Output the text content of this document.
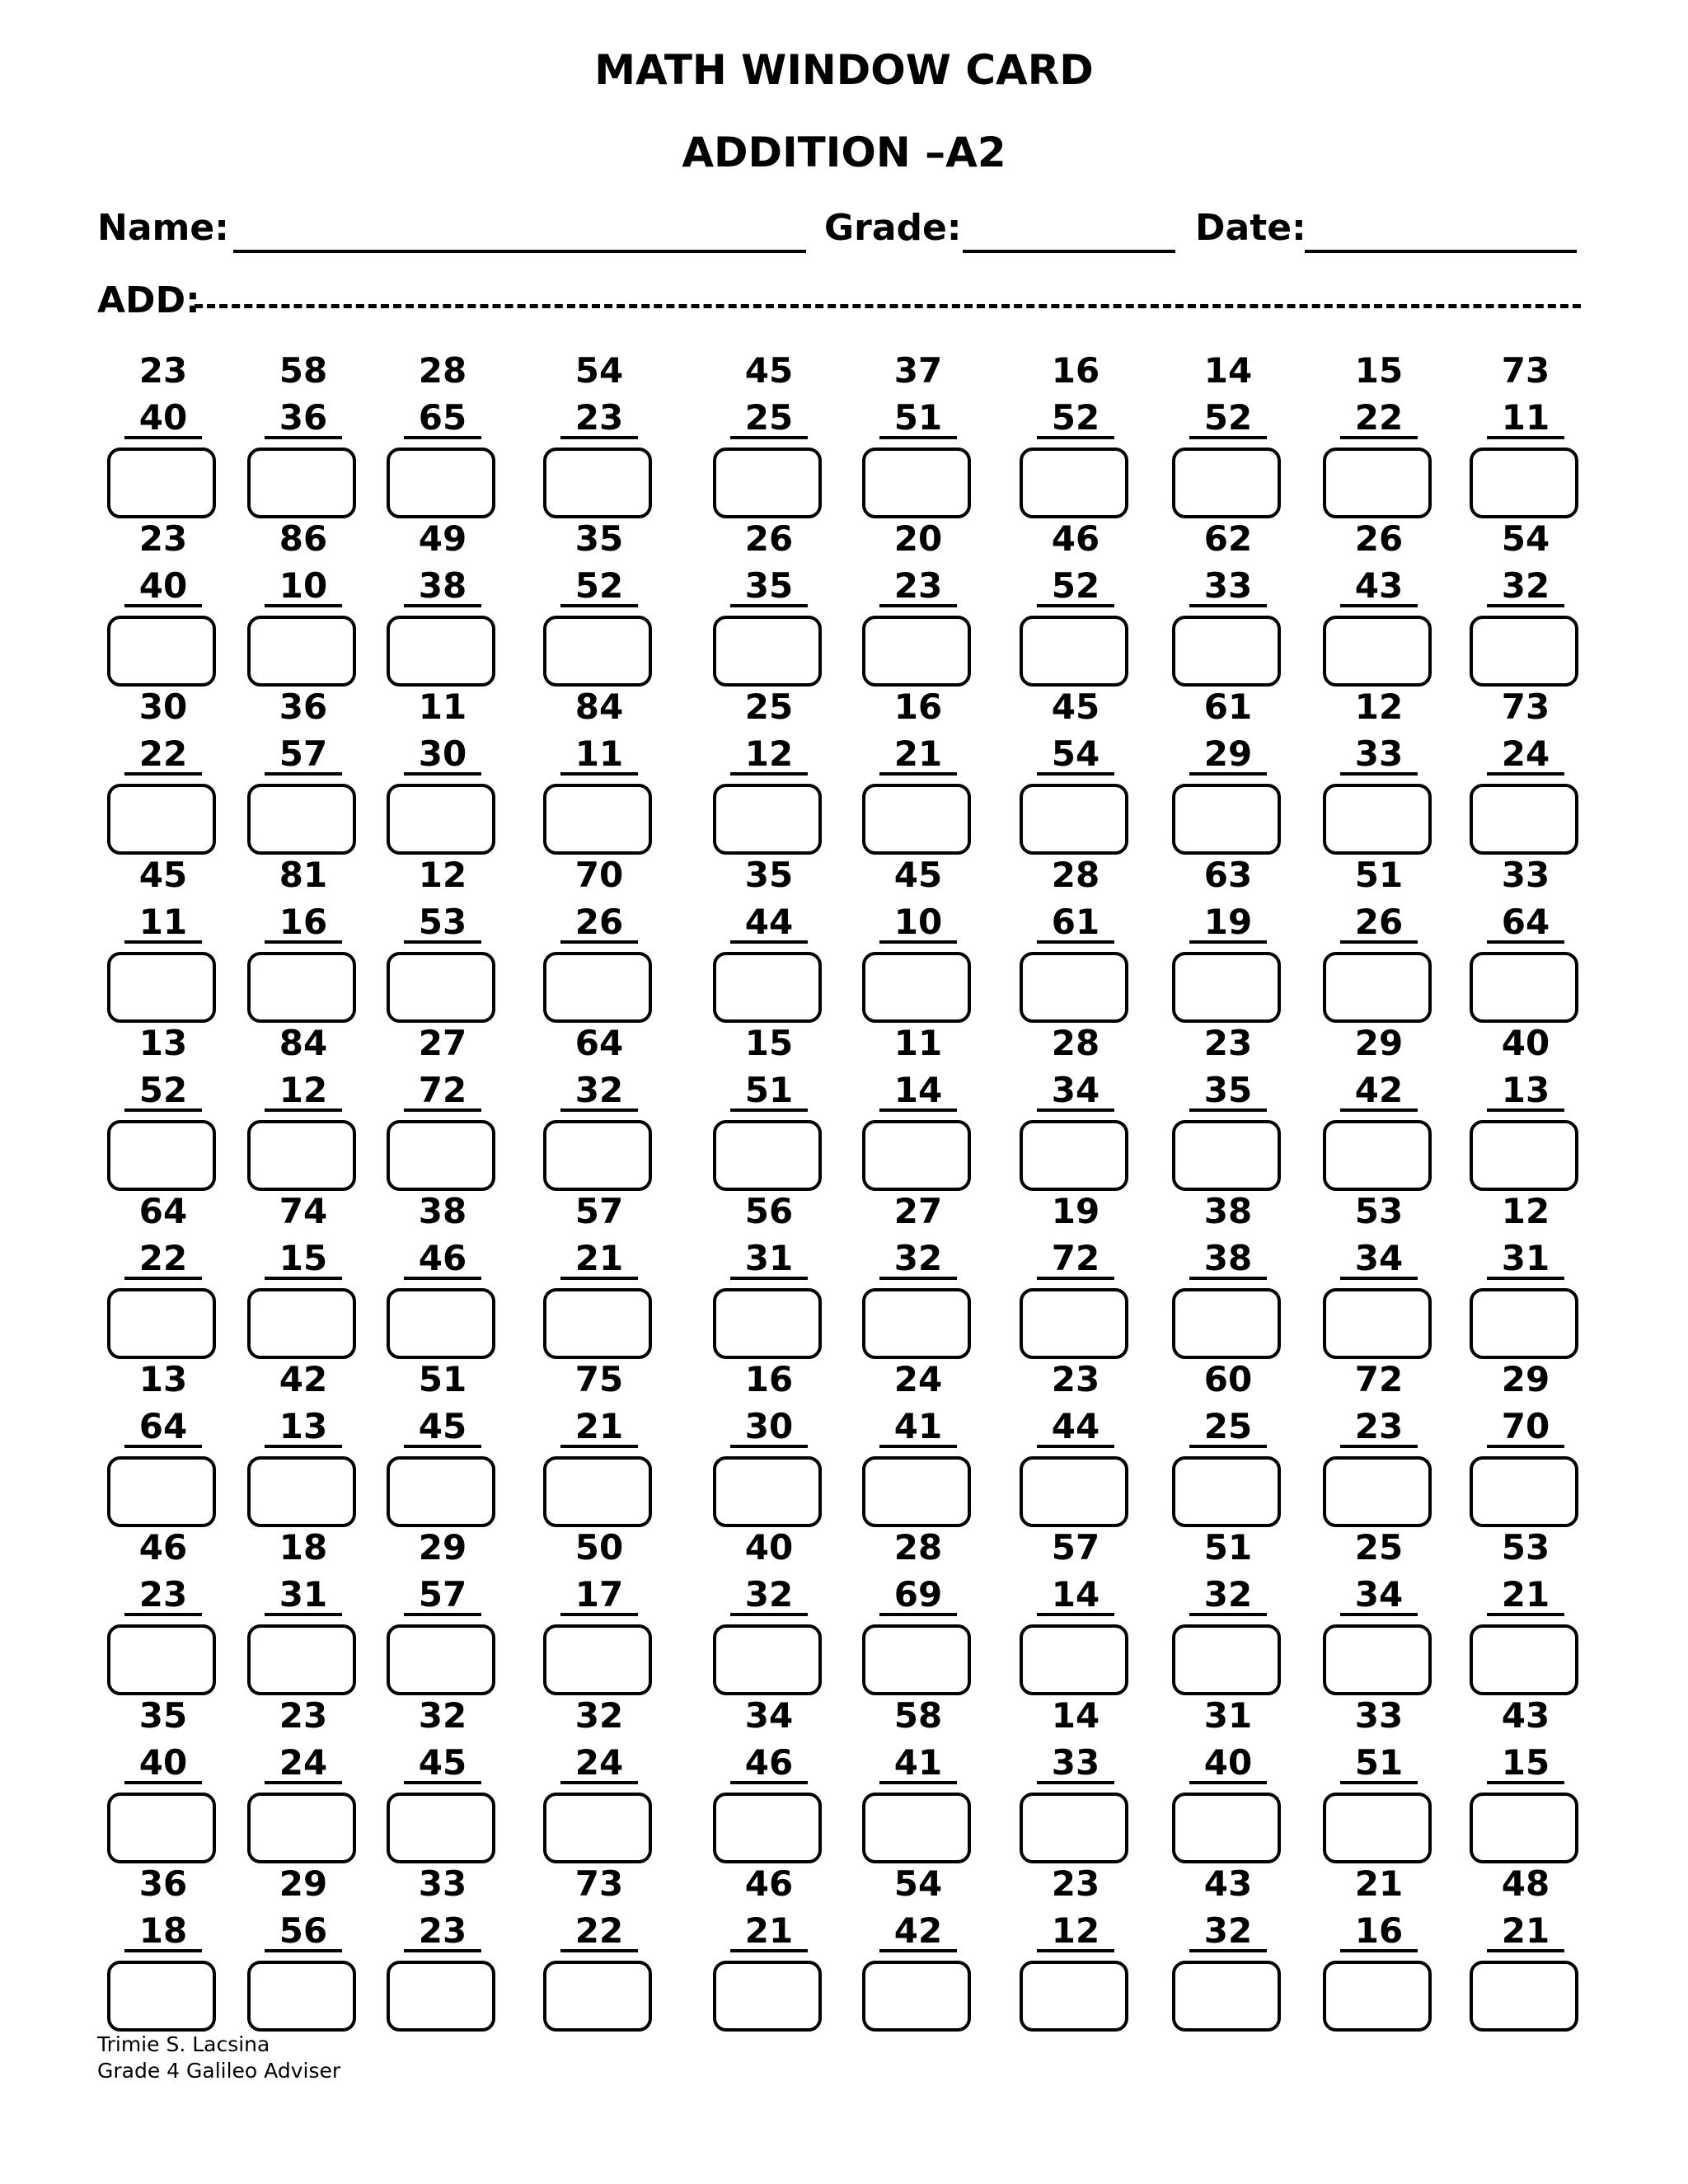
MATH WINDOW CARD
ADDITION –A2
Name:	Grade:	Date:
ADD:
23
40
58
36
28
65
54
23
45
25
37
51
16
52
14
52
15
22
73
11
23
40
86
10
49
38
35
52
26
35
20
23
46
52
62
33
26
43
54
32
30
22
36
57
11
30
84
11
25
12
16
21
45
54
61
29
12
33
73
24
45
11
81
16
12
53
70
26
35
44
45
10
28
61
63
19
51
26
33
64
13
52
84
12
27
72
64
32
15
51
11
14
28
34
23
35
29
42
40
13
64
22
74
15
38
46
57
21
56
31
27
32
19
72
38
38
53
34
12
31
13
64
42
13
51
45
75
21
16
30
24
41
23
44
60
25
72
23
29
70
46
23
18
31
29
57
50
17
40
32
28
69
57
14
51
32
25
34
53
21
35
40
23
24
32
45
32
24
34
46
58
41
14
33
31
40
33
51
43
15
36
18
29
56
33
23
73
22
46
21
54
42
23
12
43
32
21
16
48
21
Trimie S. Lacsina
Grade 4 Galileo Adviser
